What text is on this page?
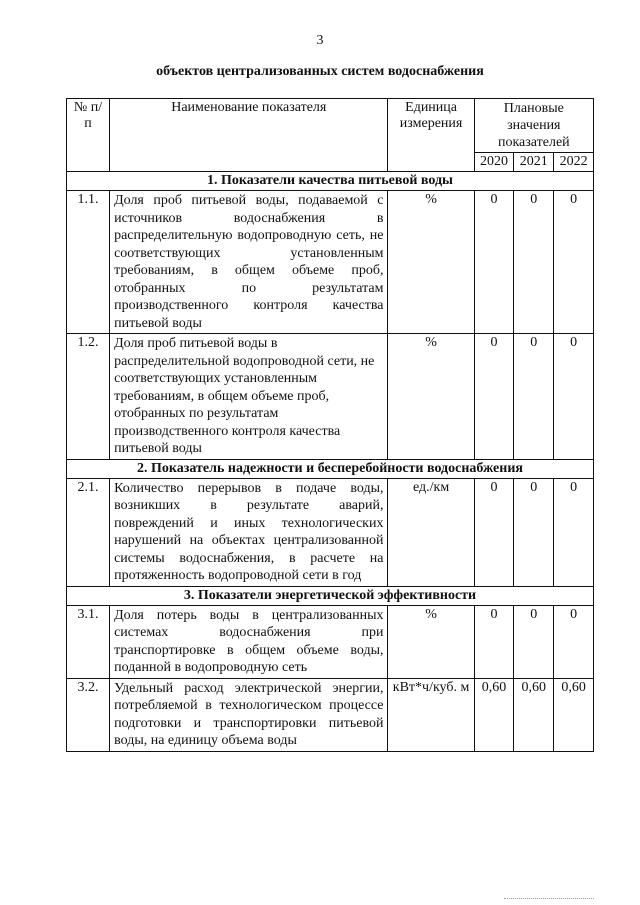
3
объектов централизованных систем водоснабжения
№ п/п	Наименование показателя	Единица измерения	Плановые значения показателей		
			2020	2021	2022
1. Показатели качества питьевой воды					
1.1.	Доля проб питьевой воды, подаваемой с источников водоснабжения в распределительную водопроводную сеть, не соответствующих установленным требованиям, в общем объеме проб, отобранных по результатам производственного контроля качества питьевой воды	%	0	0	0
1.2.	Доля проб питьевой воды в распределительной водопроводной сети, не соответствующих установленным требованиям, в общем объеме проб, отобранных по результатам производственного контроля качества питьевой воды	%	0	0	0
2. Показатель надежности и бесперебойности водоснабжения					
2.1.	Количество перерывов в подаче воды, возникших в результате аварий, повреждений и иных технологических нарушений на объектах централизованной системы водоснабжения, в расчете на протяженность водопроводной сети в год	ед./км	0	0	0
3. Показатели энергетической эффективности					
3.1.	Доля потерь воды в централизованных системах водоснабжения при транспортировке в общем объеме воды, поданной в водопроводную сеть	%	0	0	0
3.2.	Удельный расход электрической энергии, потребляемой в технологическом процессе подготовки и транспортировки питьевой воды, на единицу объема воды	кВт*ч/куб. м	0,60	0,60	0,60
